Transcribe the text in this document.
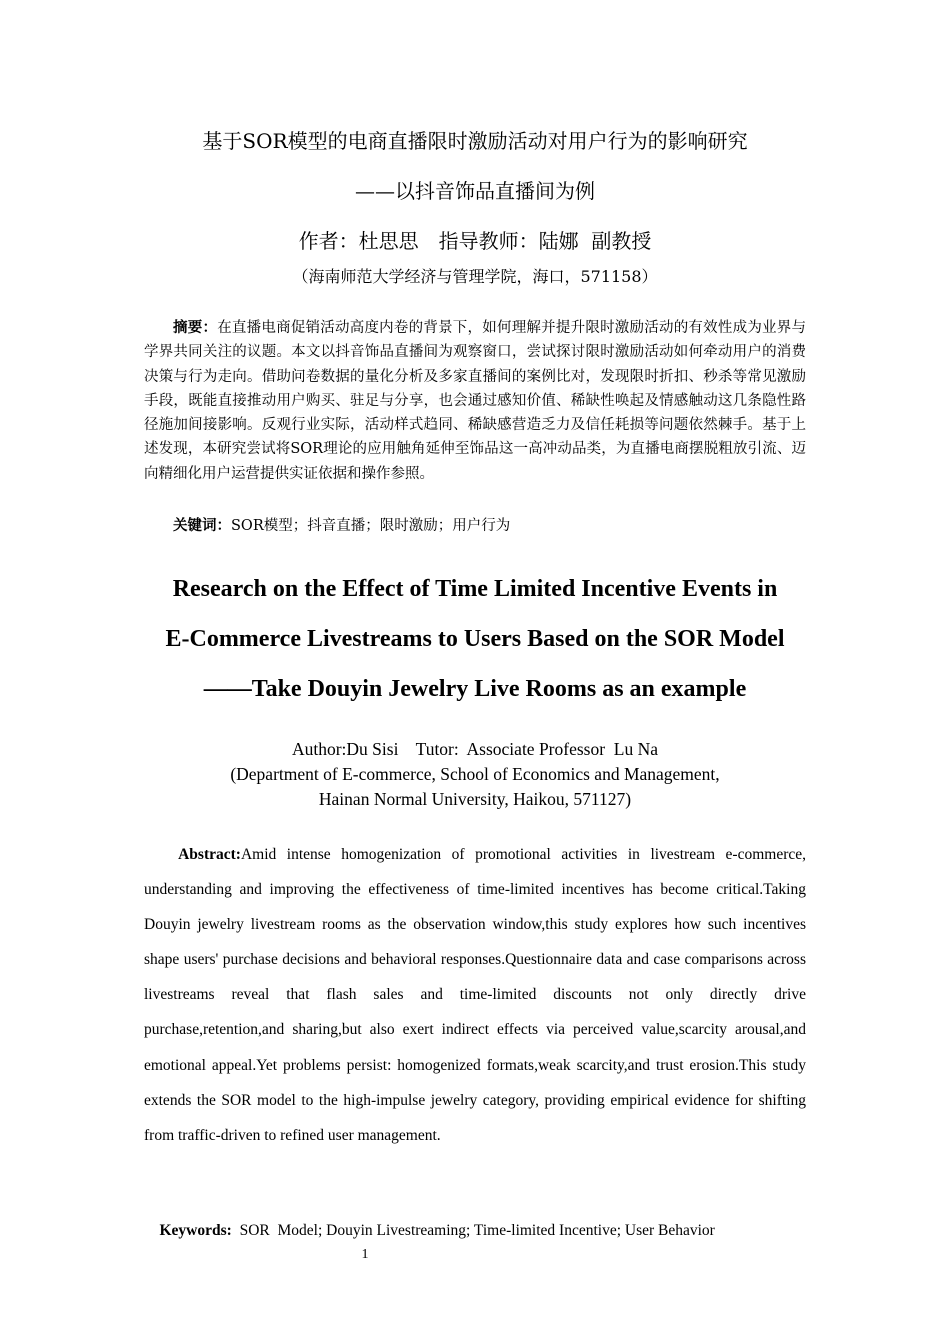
基于SOR模型的电商直播限时激励活动对用户行为的影响研究
——以抖音饰品直播间为例
作者：杜思思　指导教师：陆娜  副教授
（海南师范大学经济与管理学院，海口，571158）
摘要：在直播电商促销活动高度内卷的背景下，如何理解并提升限时激励活动的有效性成为业界与学界共同关注的议题。本文以抖音饰品直播间为观察窗口，尝试探讨限时激励活动如何牵动用户的消费决策与行为走向。借助问卷数据的量化分析及多家直播间的案例比对，发现限时折扣、秒杀等常见激励手段，既能直接推动用户购买、驻足与分享，也会通过感知价值、稀缺性唤起及情感触动这几条隐性路径施加间接影响。反观行业实际，活动样式趋同、稀缺感营造乏力及信任耗损等问题依然棘手。基于上述发现，本研究尝试将SOR理论的应用触角延伸至饰品这一高冲动品类，为直播电商摆脱粗放引流、迈向精细化用户运营提供实证依据和操作参照。
关键词：SOR模型；抖音直播；限时激励；用户行为
Research on the Effect of Time Limited Incentive Events in
E-Commerce Livestreams to Users Based on the SOR Model
——Take Douyin Jewelry Live Rooms as an example
Author:Du Sisi    Tutor:  Associate Professor  Lu Na
(Department of E-commerce, School of Economics and Management,
Hainan Normal University, Haikou, 571127)
Abstract:Amid intense homogenization of promotional activities in livestream e-commerce, understanding and improving the effectiveness of time-limited incentives has become critical.Taking Douyin jewelry livestream rooms as the observation window,this study explores how such incentives shape users' purchase decisions and behavioral responses.Questionnaire data and case comparisons across livestreams reveal that flash sales and time-limited discounts not only directly drive purchase,retention,and sharing,but also exert indirect effects via perceived value,scarcity arousal,and emotional appeal.Yet problems persist: homogenized formats,weak scarcity,and trust erosion.This study extends the SOR model to the high-impulse jewelry category, providing empirical evidence for shifting from traffic-driven to refined user management.

Keywords:  SOR  Model; Douyin Livestreaming; Time-limited Incentive; User Behavior

1
